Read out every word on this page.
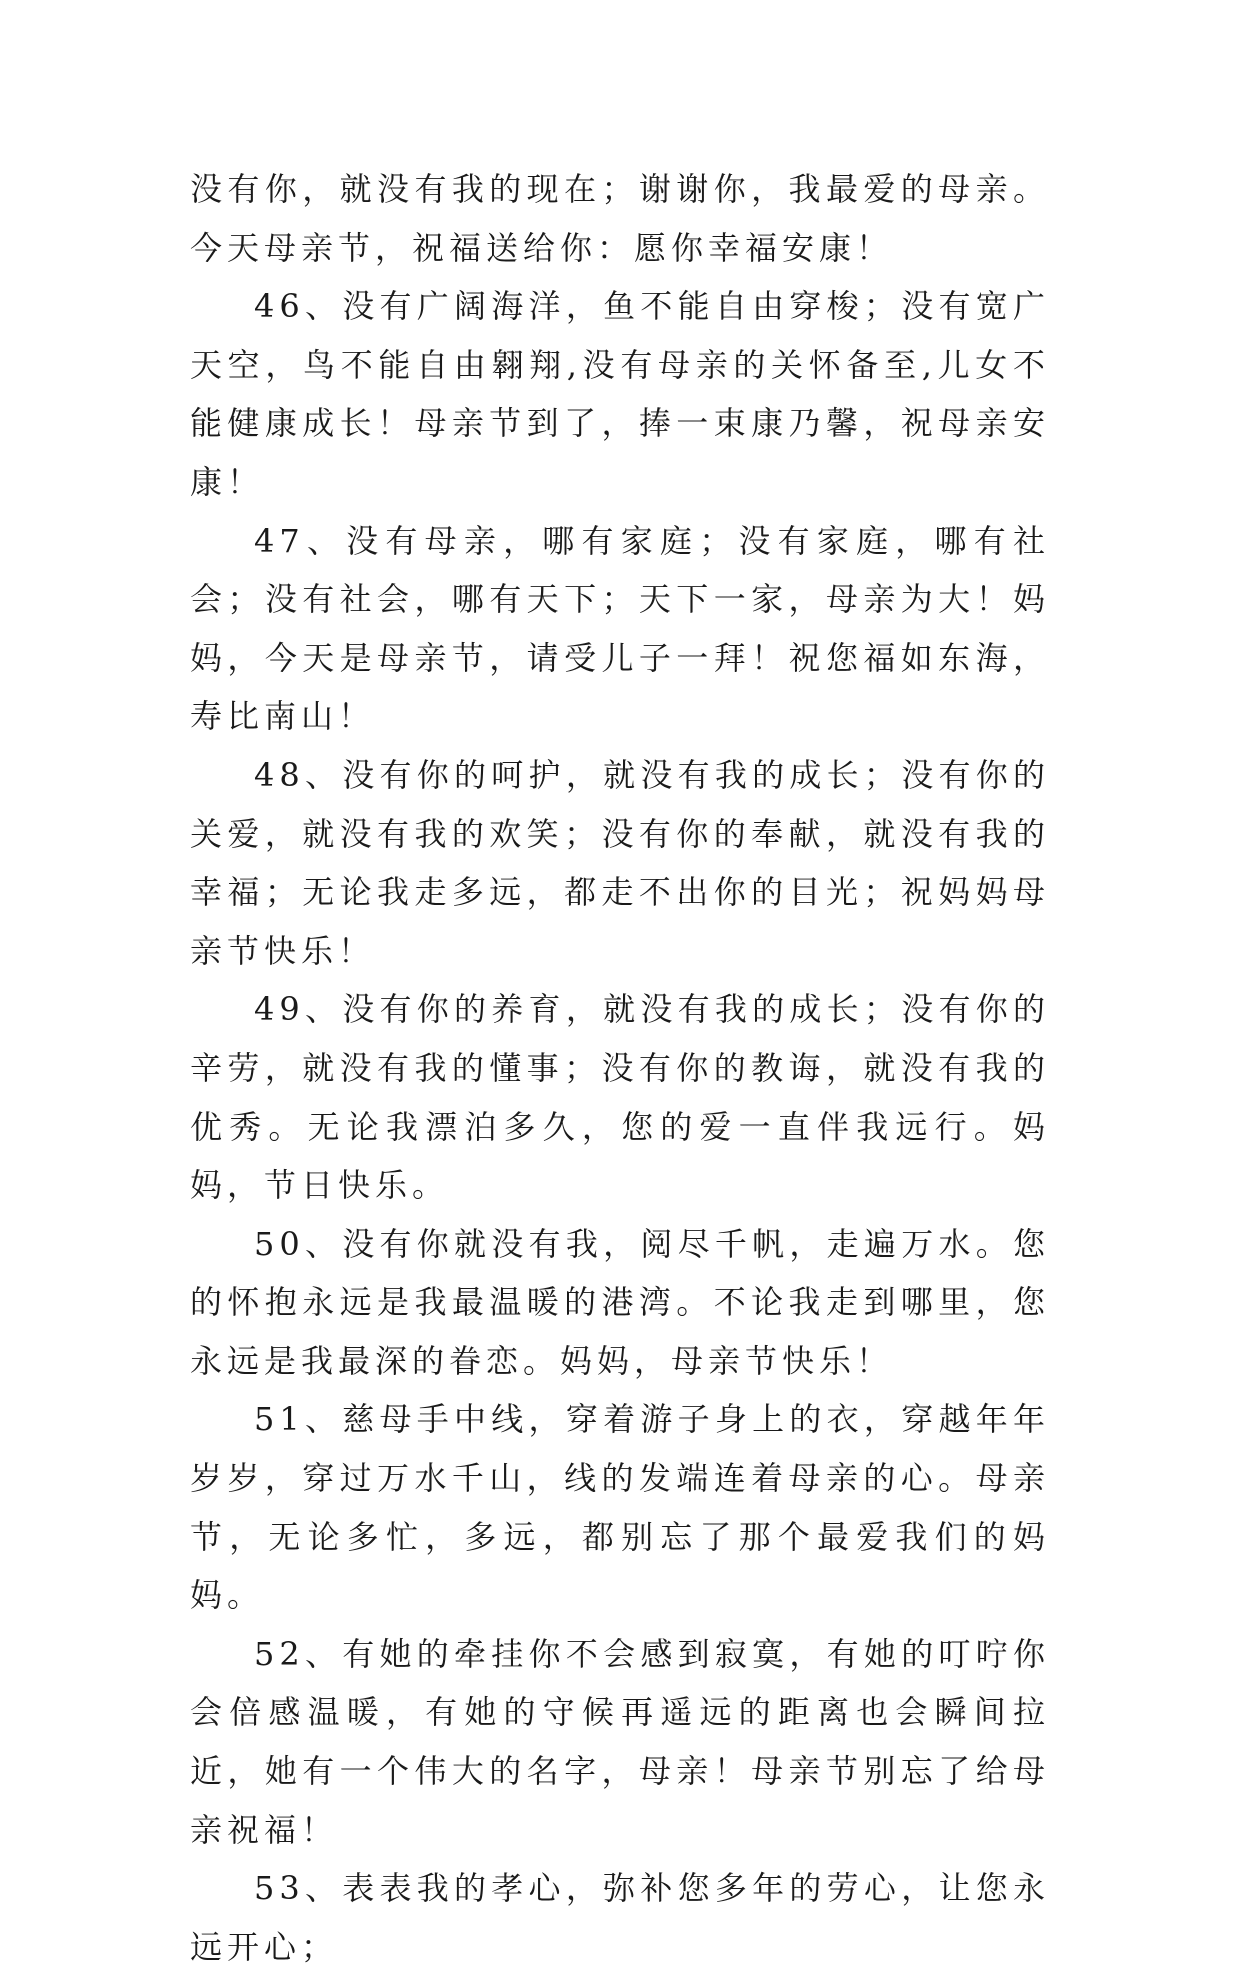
没有你，就没有我的现在；谢谢你，我最爱的母亲。今天母亲节，祝福送给你：愿你幸福安康！

46、没有广阔海洋，鱼不能自由穿梭；没有宽广天空，鸟不能自由翱翔,没有母亲的关怀备至,儿女不能健康成长！母亲节到了，捧一束康乃馨，祝母亲安康！

47、没有母亲，哪有家庭；没有家庭，哪有社会；没有社会，哪有天下；天下一家，母亲为大！妈妈，今天是母亲节，请受儿子一拜！祝您福如东海，寿比南山！

48、没有你的呵护，就没有我的成长；没有你的关爱，就没有我的欢笑；没有你的奉献，就没有我的幸福；无论我走多远，都走不出你的目光；祝妈妈母亲节快乐！

49、没有你的养育，就没有我的成长；没有你的辛劳，就没有我的懂事；没有你的教诲，就没有我的优秀。无论我漂泊多久，您的爱一直伴我远行。妈妈，节日快乐。

50、没有你就没有我，阅尽千帆，走遍万水。您的怀抱永远是我最温暖的港湾。不论我走到哪里，您永远是我最深的眷恋。妈妈，母亲节快乐！

51、慈母手中线，穿着游子身上的衣，穿越年年岁岁，穿过万水千山，线的发端连着母亲的心。母亲节，无论多忙，多远，都别忘了那个最爱我们的妈妈。

52、有她的牵挂你不会感到寂寞，有她的叮咛你会倍感温暖，有她的守候再遥远的距离也会瞬间拉近，她有一个伟大的名字，母亲！母亲节别忘了给母亲祝福！

53、表表我的孝心，弥补您多年的劳心，让您永远开心；
